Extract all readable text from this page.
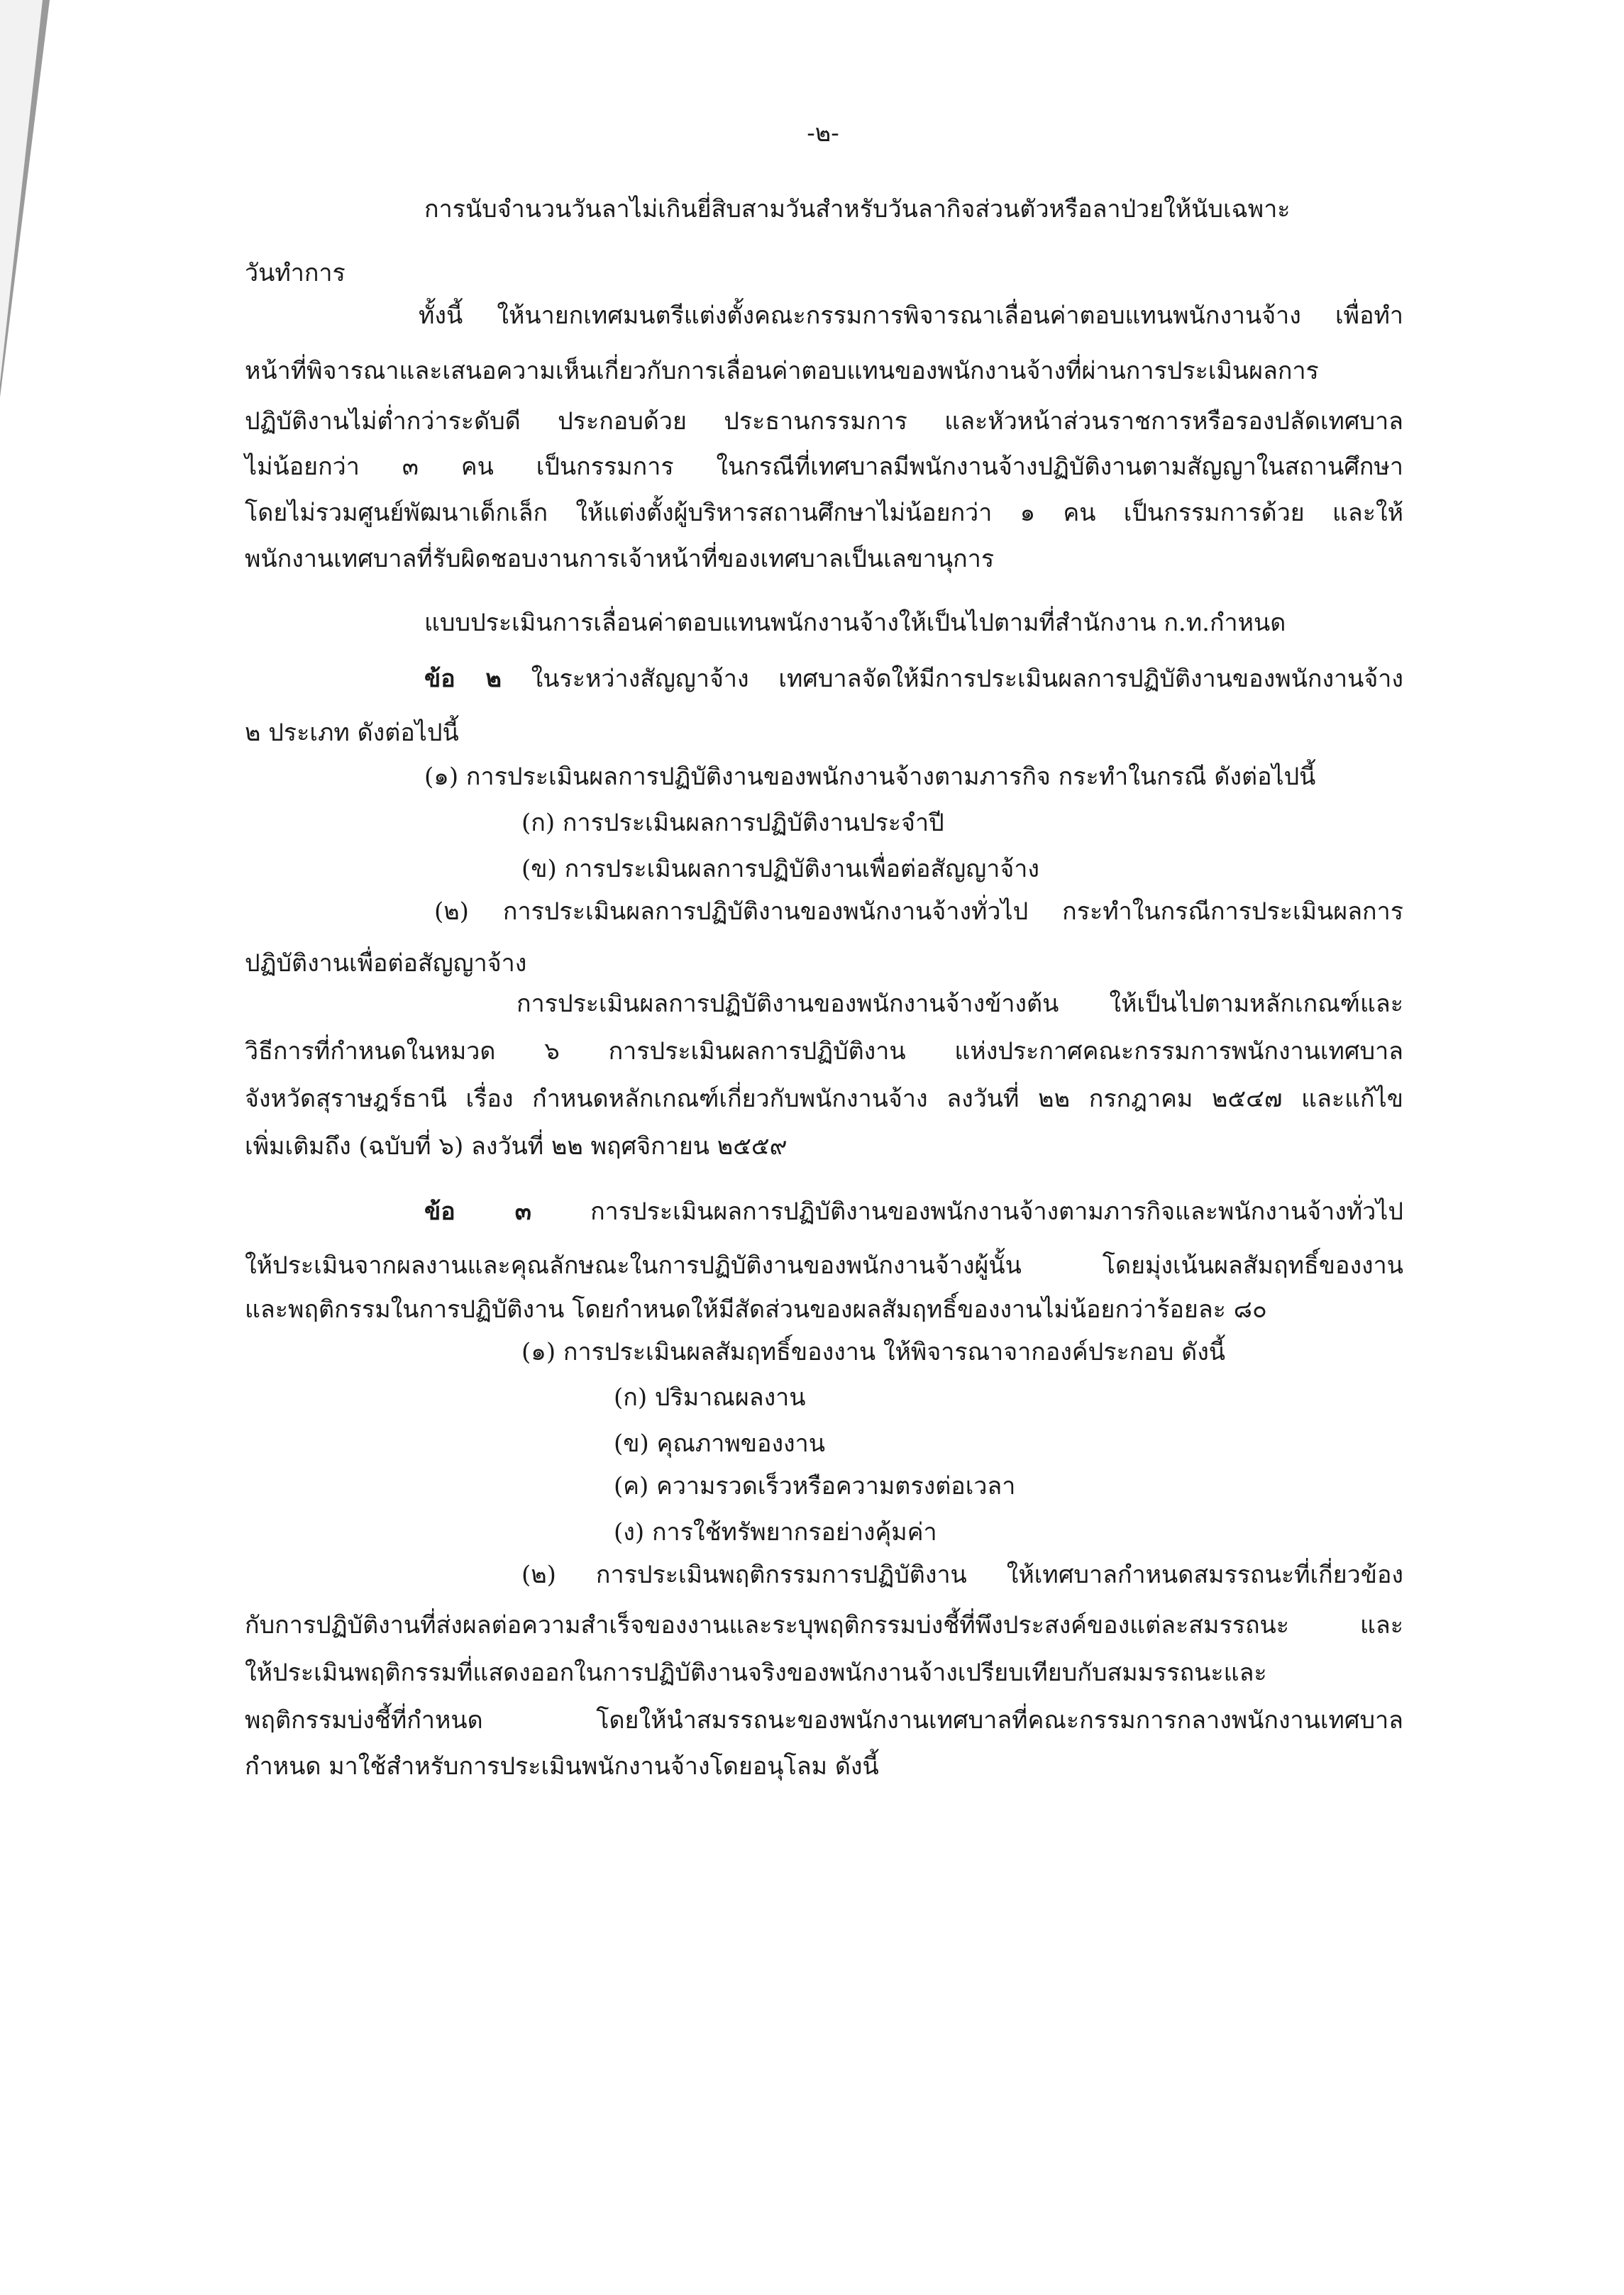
-๒-
การนับจำนวนวันลาไม่เกินยี่สิบสามวันสำหรับวันลากิจส่วนตัวหรือลาป่วยให้นับเฉพาะ
วันทำการ
ทั้งนี้ ให้นายกเทศมนตรีแต่งตั้งคณะกรรมการพิจารณาเลื่อนค่าตอบแทนพนักงานจ้าง เพื่อทำ
หน้าที่พิจารณาและเสนอความเห็นเกี่ยวกับการเลื่อนค่าตอบแทนของพนักงานจ้างที่ผ่านการประเมินผลการ
ปฏิบัติงานไม่ต่ำกว่าระดับดี ประกอบด้วย ประธานกรรมการ และหัวหน้าส่วนราชการหรือรองปลัดเทศบาล
ไม่น้อยกว่า ๓ คน เป็นกรรมการ ในกรณีที่เทศบาลมีพนักงานจ้างปฏิบัติงานตามสัญญาในสถานศึกษา
โดยไม่รวมศูนย์พัฒนาเด็กเล็ก ให้แต่งตั้งผู้บริหารสถานศึกษาไม่น้อยกว่า ๑ คน เป็นกรรมการด้วย และให้
พนักงานเทศบาลที่รับผิดชอบงานการเจ้าหน้าที่ของเทศบาลเป็นเลขานุการ
แบบประเมินการเลื่อนค่าตอบแทนพนักงานจ้างให้เป็นไปตามที่สำนักงาน ก.ท.กำหนด
ข้อ ๒ ในระหว่างสัญญาจ้าง เทศบาลจัดให้มีการประเมินผลการปฏิบัติงานของพนักงานจ้าง
๒ ประเภท ดังต่อไปนี้
(๑) การประเมินผลการปฏิบัติงานของพนักงานจ้างตามภารกิจ กระทำในกรณี ดังต่อไปนี้
(ก) การประเมินผลการปฏิบัติงานประจำปี
(ข) การประเมินผลการปฏิบัติงานเพื่อต่อสัญญาจ้าง
(๒) การประเมินผลการปฏิบัติงานของพนักงานจ้างทั่วไป กระทำในกรณีการประเมินผลการ
ปฏิบัติงานเพื่อต่อสัญญาจ้าง
การประเมินผลการปฏิบัติงานของพนักงานจ้างข้างต้น ให้เป็นไปตามหลักเกณฑ์และ
วิธีการที่กำหนดในหมวด ๖ การประเมินผลการปฏิบัติงาน แห่งประกาศคณะกรรมการพนักงานเทศบาล
จังหวัดสุราษฎร์ธานี เรื่อง กำหนดหลักเกณฑ์เกี่ยวกับพนักงานจ้าง ลงวันที่ ๒๒ กรกฎาคม ๒๕๔๗ และแก้ไข
เพิ่มเติมถึง (ฉบับที่ ๖) ลงวันที่ ๒๒ พฤศจิกายน ๒๕๕๙
ข้อ ๓ การประเมินผลการปฏิบัติงานของพนักงานจ้างตามภารกิจและพนักงานจ้างทั่วไป
ให้ประเมินจากผลงานและคุณลักษณะในการปฏิบัติงานของพนักงานจ้างผู้นั้น โดยมุ่งเน้นผลสัมฤทธิ์ของงาน
และพฤติกรรมในการปฏิบัติงาน โดยกำหนดให้มีสัดส่วนของผลสัมฤทธิ์ของงานไม่น้อยกว่าร้อยละ ๘๐
(๑) การประเมินผลสัมฤทธิ์ของงาน ให้พิจารณาจากองค์ประกอบ ดังนี้
(ก) ปริมาณผลงาน
(ข) คุณภาพของงาน
(ค) ความรวดเร็วหรือความตรงต่อเวลา
(ง) การใช้ทรัพยากรอย่างคุ้มค่า
(๒) การประเมินพฤติกรรมการปฏิบัติงาน ให้เทศบาลกำหนดสมรรถนะที่เกี่ยวข้อง
กับการปฏิบัติงานที่ส่งผลต่อความสำเร็จของงานและระบุพฤติกรรมบ่งชี้ที่พึงประสงค์ของแต่ละสมรรถนะ และ
ให้ประเมินพฤติกรรมที่แสดงออกในการปฏิบัติงานจริงของพนักงานจ้างเปรียบเทียบกับสมมรรถนะและ
พฤติกรรมบ่งชี้ที่กำหนด โดยให้นำสมรรถนะของพนักงานเทศบาลที่คณะกรรมการกลางพนักงานเทศบาล
กำหนด มาใช้สำหรับการประเมินพนักงานจ้างโดยอนุโลม ดังนี้
